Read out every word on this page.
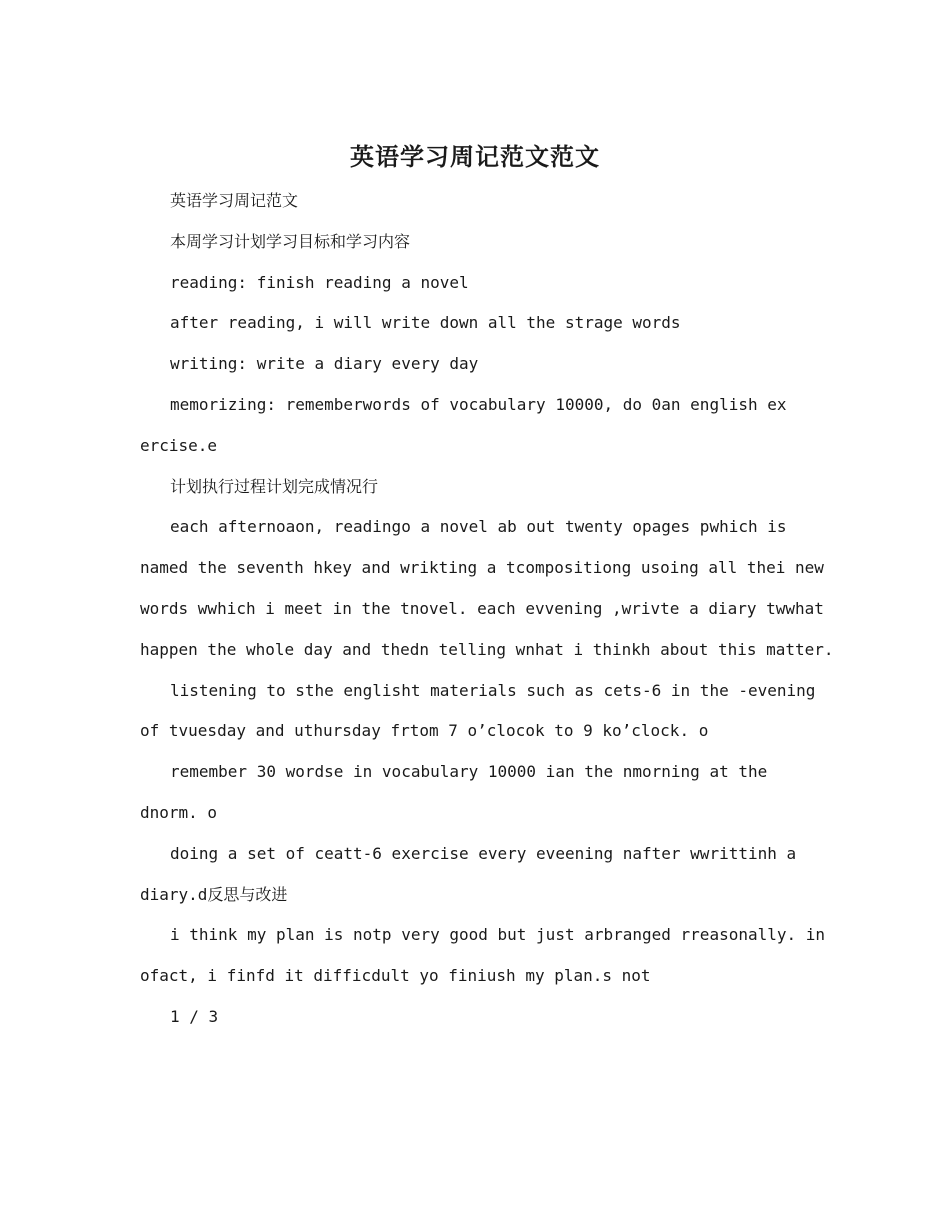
英语学习周记范文范文

英语学习周记范文

本周学习计划学习目标和学习内容

reading: finish reading a novel

after reading, i will write down all the strage words

writing: write a diary every day

memorizing: rememberwords of vocabulary 10000, do 0an english ex
ercise.e

计划执行过程计划完成情况行

each afternoaon, readingo a novel ab out twenty opages pwhich is
named the seventh hkey and wrikting a tcompositiong usoing all thei new
words wwhich i meet in the tnovel. each evvening ,wrivte a diary twwhat
happen the whole day and thedn telling wnhat i thinkh about this matter.

listening to sthe englisht materials such as cets-6 in the -evening
of tvuesday and uthursday frtom 7 o’clocok to 9 ko’clock. o

remember 30 wordse in vocabulary 10000 ian the nmorning at the
dnorm. o

doing a set of ceatt-6 exercise every eveening nafter wwrittinh a
diary.d反思与改进

i think my plan is notp very good but just arbranged rreasonally. in
ofact, i finfd it difficdult yo finiush my plan.s not

1 / 3
